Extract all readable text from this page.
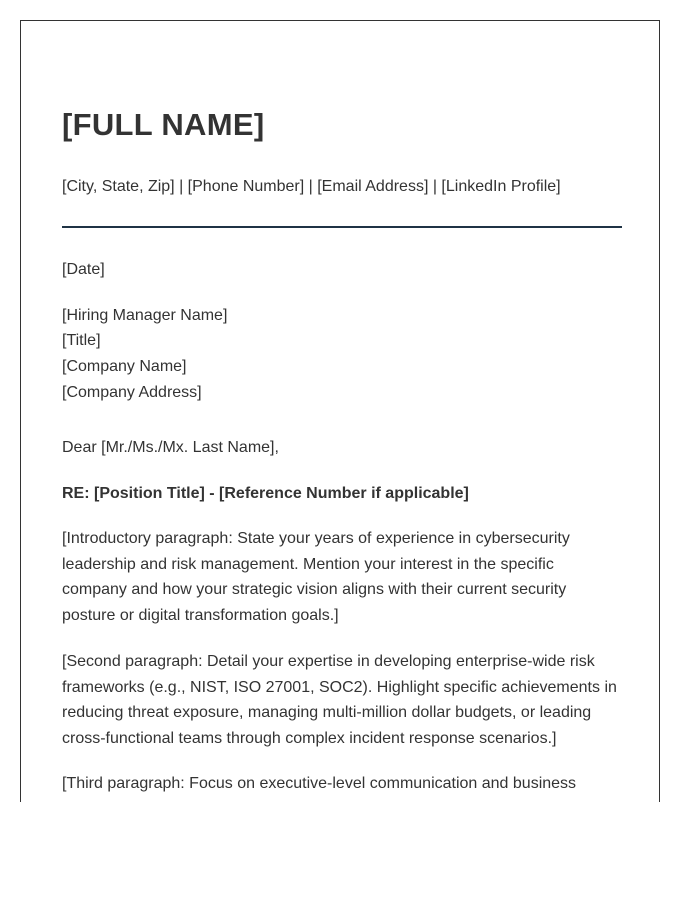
[FULL NAME]
[City, State, Zip] | [Phone Number] | [Email Address] | [LinkedIn Profile]
[Date]
[Hiring Manager Name]
[Title]
[Company Name]
[Company Address]
Dear [Mr./Ms./Mx. Last Name],
RE: [Position Title] - [Reference Number if applicable]
[Introductory paragraph: State your years of experience in cybersecurity
leadership and risk management. Mention your interest in the specific
company and how your strategic vision aligns with their current security
posture or digital transformation goals.]
[Second paragraph: Detail your expertise in developing enterprise-wide risk
frameworks (e.g., NIST, ISO 27001, SOC2). Highlight specific achievements in
reducing threat exposure, managing multi-million dollar budgets, or leading
cross-functional teams through complex incident response scenarios.]
[Third paragraph: Focus on executive-level communication and business
